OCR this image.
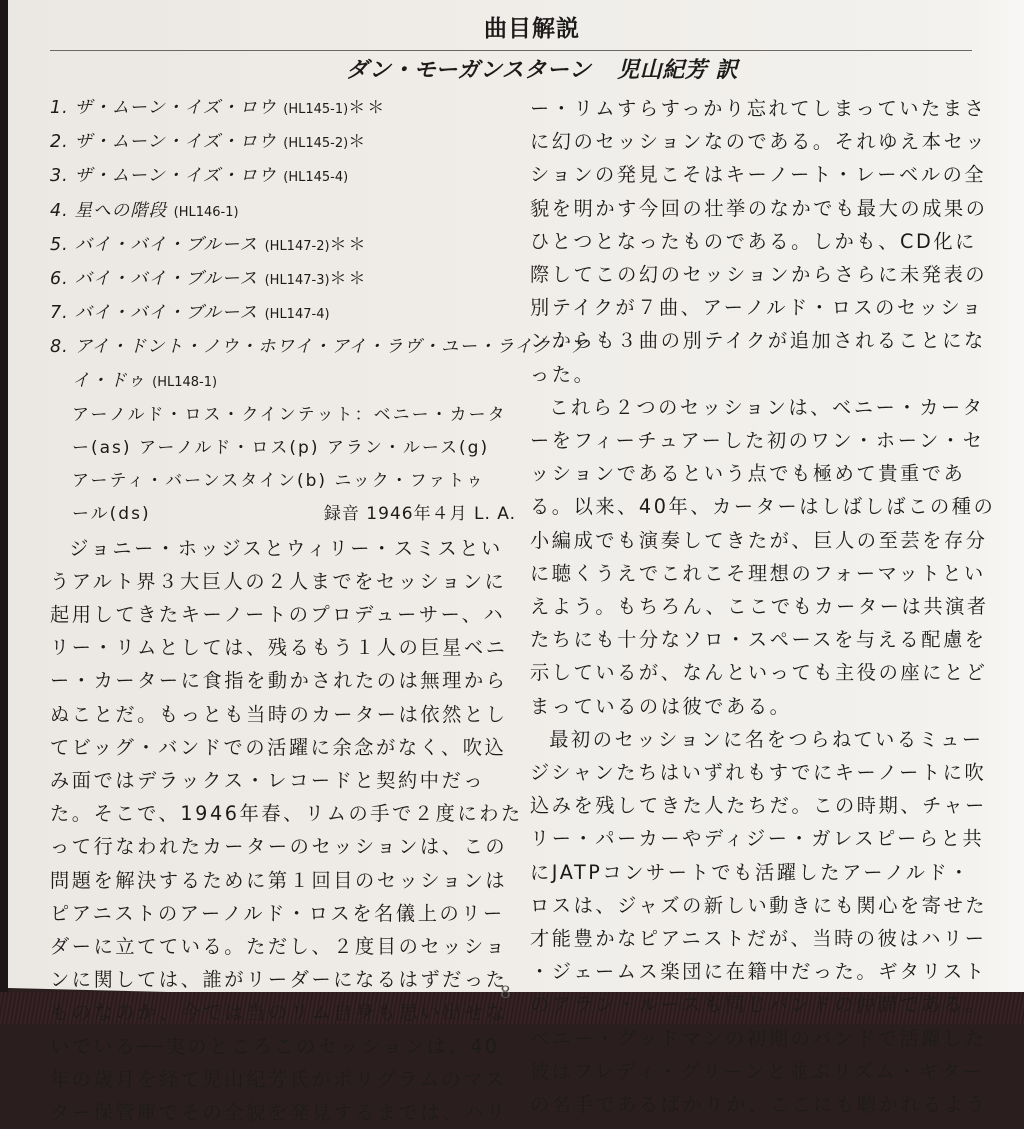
曲目解説
ダン・モーガンスターン 児山紀芳 訳
1. ザ・ムーン・イズ・ロウ (HL145-1)＊＊
2. ザ・ムーン・イズ・ロウ (HL145-2)＊
3. ザ・ムーン・イズ・ロウ (HL145-4)
4. 星への階段 (HL146-1)
5. バイ・バイ・ブルース (HL147-2)＊＊
6. バイ・バイ・ブルース (HL147-3)＊＊
7. バイ・バイ・ブルース (HL147-4)
8. アイ・ドント・ノウ・ホワイ・アイ・ラヴ・ユー・ライク・ア
イ・ドゥ (HL148-1)
アーノルド・ロス・クインテット：ベニー・カータ
ー(as) アーノルド・ロス(p) アラン・ルース(g)
アーティ・バーンスタイン(b) ニック・ファトゥ
ール(ds)	録音 1946年４月 L. A.
ジョニー・ホッジスとウィリー・スミスとい
うアルト界３大巨人の２人までをセッションに
起用してきたキーノートのプロデューサー、ハ
リー・リムとしては、残るもう１人の巨星ベニ
ー・カーターに食指を動かされたのは無理から
ぬことだ。もっとも当時のカーターは依然とし
てビッグ・バンドでの活躍に余念がなく、吹込
み面ではデラックス・レコードと契約中だっ
た。そこで、1946年春、リムの手で２度にわた
って行なわれたカーターのセッションは、この
問題を解決するために第１回目のセッションは
ピアニストのアーノルド・ロスを名儀上のリー
ダーに立てている。ただし、２度目のセッショ
ンに関しては、誰がリーダーになるはずだった
ものなのか、今では当のリム自身も思い出せな
いでいる──実のところこのセッションは、40
年の歳月を経て児山紀芳氏がポリグラムのマス
ター保管庫でその全貌を発見するまでは、ハリ
ー・リムすらすっかり忘れてしまっていたまさ
に幻のセッションなのである。それゆえ本セッ
ションの発見こそはキーノート・レーベルの全
貌を明かす今回の壮挙のなかでも最大の成果の
ひとつとなったものである。しかも、CD化に
際してこの幻のセッションからさらに未発表の
別テイクが７曲、アーノルド・ロスのセッショ
ンからも３曲の別テイクが追加されることにな
った。
これら２つのセッションは、ベニー・カータ
ーをフィーチュアーした初のワン・ホーン・セ
ッションであるという点でも極めて貴重であ
る。以来、40年、カーターはしばしばこの種の
小編成でも演奏してきたが、巨人の至芸を存分
に聴くうえでこれこそ理想のフォーマットとい
えよう。もちろん、ここでもカーターは共演者
たちにも十分なソロ・スペースを与える配慮を
示しているが、なんといっても主役の座にとど
まっているのは彼である。
最初のセッションに名をつらねているミュー
ジシャンたちはいずれもすでにキーノートに吹
込みを残してきた人たちだ。この時期、チャー
リー・パーカーやディジー・ガレスピーらと共
にJATPコンサートでも活躍したアーノルド・
ロスは、ジャズの新しい動きにも関心を寄せた
才能豊かなピアニストだが、当時の彼はハリー
・ジェームス楽団に在籍中だった。ギタリスト
のアラン・ルースも同じバンドの仲間である。
ベニー・グッドマンの初期のバンドで活躍した
彼はフレディ・グリーンと並ぶリズム・ギター
の名手であるばかりか、ここにも聴かれるよう
8
